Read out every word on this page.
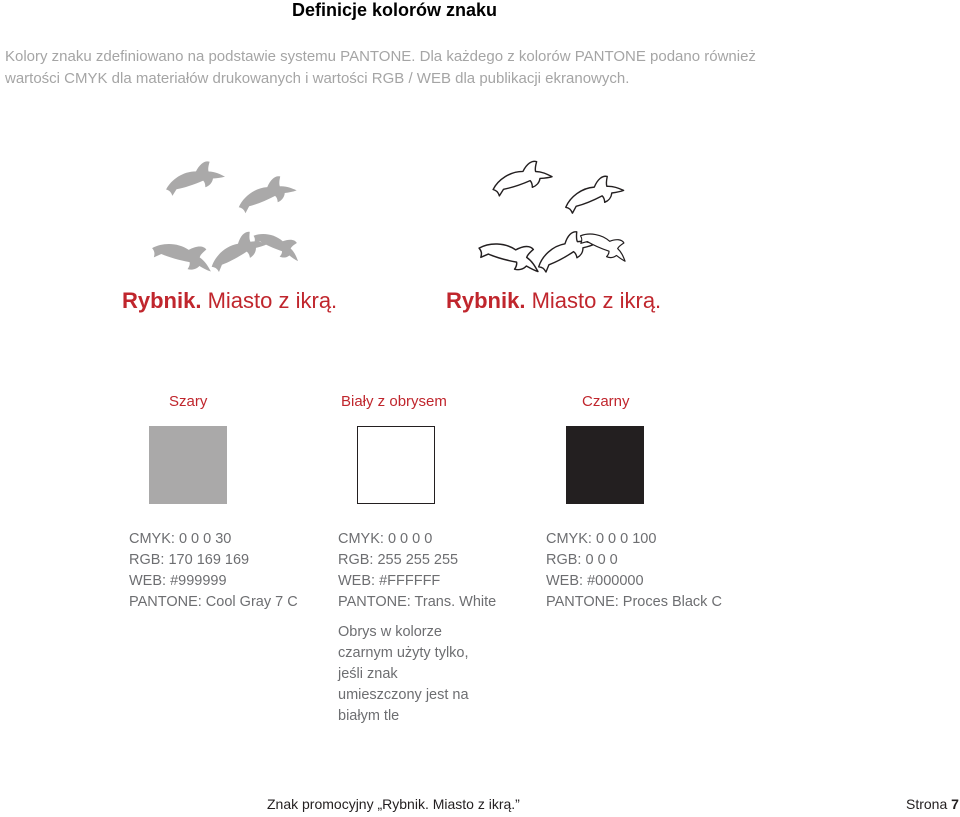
Definicje kolorów znaku
Kolory znaku zdefiniowano na podstawie systemu PANTONE. Dla każdego z kolorów PANTONE podano również wartości CMYK dla materiałów drukowanych i wartości RGB / WEB dla publikacji ekranowych.
Rybnik. Miasto z ikrą.	Rybnik. Miasto z ikrą.
Szary	Biały z obrysem	Czarny
CMYK: 0 0 0 30
RGB: 170 169 169
WEB: #999999
PANTONE: Cool Gray 7 C
CMYK: 0 0 0 0
RGB: 255 255 255
WEB: #FFFFFF
PANTONE: Trans. White
CMYK: 0 0 0 100
RGB: 0 0 0
WEB: #000000
PANTONE: Proces Black C
Obrys w kolorze czarnym użyty tylko, jeśli znak umieszczony jest na białym tle
Znak promocyjny „Rybnik. Miasto z ikrą.”	Strona 7
